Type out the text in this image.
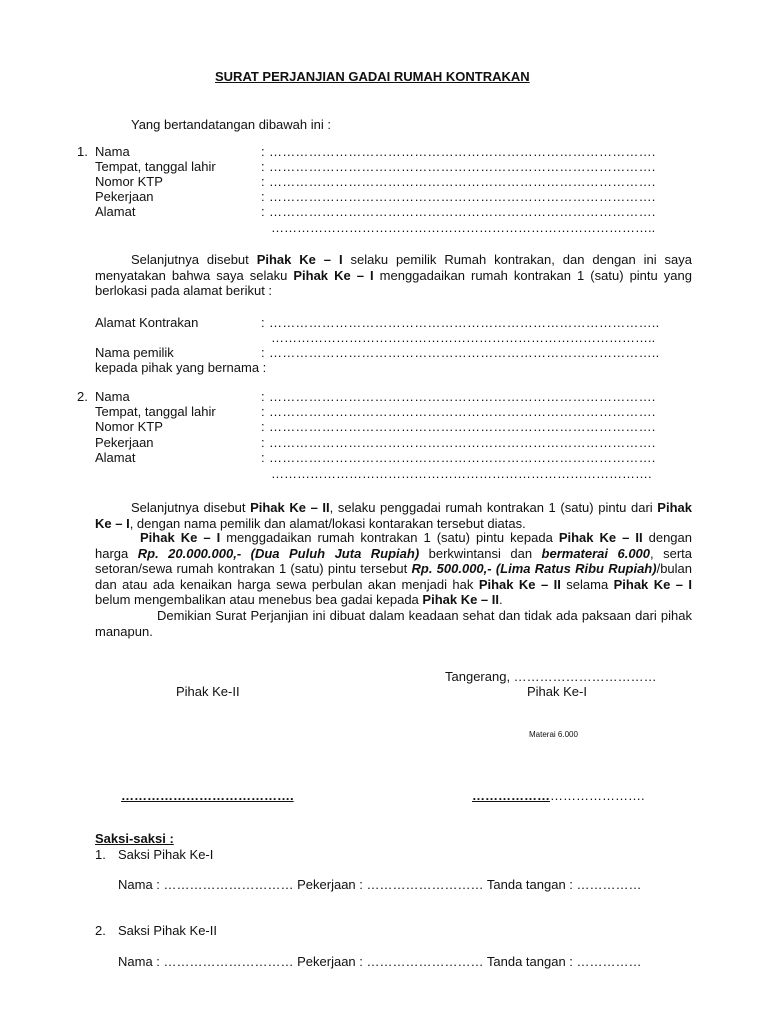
SURAT PERJANJIAN GADAI RUMAH KONTRAKAN
Yang bertandatangan dibawah ini :
1. Nama	: …………………………………………………………………………….
Tempat, tanggal lahir	: …………………………………………………………………………….
Nomor KTP	: …………………………………………………………………………….
Pekerjaan	: …………………………………………………………………………….
Alamat	: …………………………………………………………………………….
……………………………………………………………………………..
Selanjutnya disebut Pihak Ke – I selaku pemilik Rumah kontrakan, dan dengan ini saya menyatakan bahwa saya selaku Pihak Ke – I menggadaikan rumah kontrakan 1 (satu) pintu yang berlokasi pada alamat berikut :
Alamat Kontrakan	: ……………………………………………………………………………..
……………………………………………………………………………..
Nama pemilik	: ……………………………………………………………………………..
kepada pihak yang bernama :
2. Nama	: …………………………………………………………………………….
Tempat, tanggal lahir	: …………………………………………………………………………….
Nomor KTP	: …………………………………………………………………………….
Pekerjaan	: …………………………………………………………………………….
Alamat	: …………………………………………………………………………….
…………………………………………………………………………….
Selanjutnya disebut Pihak Ke – II, selaku penggadai rumah kontrakan 1 (satu) pintu dari Pihak Ke – I, dengan nama pemilik dan alamat/lokasi kontarakan tersebut diatas.
Pihak Ke – I menggadaikan rumah kontrakan 1 (satu) pintu kepada Pihak Ke – II dengan harga Rp. 20.000.000,- (Dua Puluh Juta Rupiah) berkwintansi dan bermaterai 6.000, serta setoran/sewa rumah kontrakan 1 (satu) pintu tersebut Rp. 500.000,- (Lima Ratus Ribu Rupiah)/bulan dan atau ada kenaikan harga sewa perbulan akan menjadi hak Pihak Ke – II selama Pihak Ke – I belum mengembalikan atau menebus bea gadai kepada Pihak Ke – II.
Demikian Surat Perjanjian ini dibuat dalam keadaan sehat dan tidak ada paksaan dari pihak manapun.
Tangerang, ……………………………
Pihak Ke-II	Pihak Ke-I
Materai 6.000
………………………………….	………………………………….
Saksi-saksi :
1. Saksi Pihak Ke-I
Nama : ………………………… Pekerjaan : ……………………… Tanda tangan : ……………
2. Saksi Pihak Ke-II
Nama : ………………………… Pekerjaan : ……………………… Tanda tangan : ……………
